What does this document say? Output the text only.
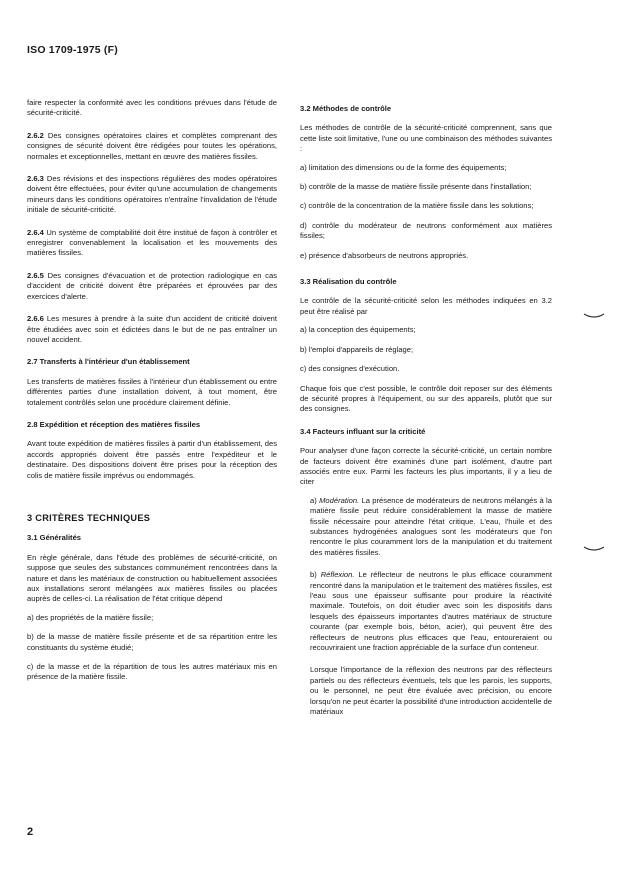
ISO 1709-1975 (F)

faire respecter la conformité avec les conditions prévues dans l'étude de sécurité-criticité.

2.6.2 Des consignes opératoires claires et complètes comprenant des consignes de sécurité doivent être rédigées pour toutes les opérations, normales et exceptionnelles, mettant en œuvre des matières fissiles.

2.6.3 Des révisions et des inspections régulières des modes opératoires doivent être effectuées, pour éviter qu'une accumulation de changements mineurs dans les conditions opératoires n'entraîne l'invalidation de l'étude initiale de sécurité-criticité.

2.6.4 Un système de comptabilité doit être institué de façon à contrôler et enregistrer convenablement la localisation et les mouvements des matières fissiles.

2.6.5 Des consignes d'évacuation et de protection radiologique en cas d'accident de criticité doivent être préparées et éprouvées par des exercices d'alerte.

2.6.6 Les mesures à prendre à la suite d'un accident de criticité doivent être étudiées avec soin et édictées dans le but de ne pas entraîner un nouvel accident.

2.7 Transferts à l'intérieur d'un établissement

Les transferts de matières fissiles à l'intérieur d'un établissement ou entre différentes parties d'une installation doivent, à tout moment, être totalement contrôlés selon une procédure clairement définie.

2.8 Expédition et réception des matières fissiles

Avant toute expédition de matières fissiles à partir d'un établissement, des accords appropriés doivent être passés entre l'expéditeur et le destinataire. Des dispositions doivent être prises pour la réception des colis de matière fissile imprévus ou endommagés.

3 CRITÈRES TECHNIQUES
3.1 Généralités

En règle générale, dans l'étude des problèmes de sécurité-criticité, on suppose que seules des substances communément rencontrées dans la nature et dans les matériaux de construction ou habituellement associées aux installations seront mélangées aux matières fissiles ou placées auprès de celles-ci. La réalisation de l'état critique dépend

a) des propriétés de la matière fissile;

b) de la masse de matière fissile présente et de sa répartition entre les constituants du système étudié;

c) de la masse et de la répartition de tous les autres matériaux mis en présence de la matière fissile.

3.2 Méthodes de contrôle

Les méthodes de contrôle de la sécurité-criticité comprennent, sans que cette liste soit limitative, l'une ou une combinaison des méthodes suivantes :

a) limitation des dimensions ou de la forme des équipements;

b) contrôle de la masse de matière fissile présente dans l'installation;

c) contrôle de la concentration de la matière fissile dans les solutions;

d) contrôle du modérateur de neutrons conformément aux matières fissiles;

e) présence d'absorbeurs de neutrons appropriés.

3.3 Réalisation du contrôle

Le contrôle de la sécurité-criticité selon les méthodes indiquées en 3.2 peut être réalisé par

a) la conception des équipements;

b) l'emploi d'appareils de réglage;

c) des consignes d'exécution.

Chaque fois que c'est possible, le contrôle doit reposer sur des éléments de sécurité propres à l'équipement, ou sur des appareils, plutôt que sur des consignes.

3.4 Facteurs influant sur la criticité

Pour analyser d'une façon correcte la sécurité-criticité, un certain nombre de facteurs doivent être examinés d'une part isolément, d'autre part associés entre eux. Parmi les facteurs les plus importants, il y a lieu de citer

a) Modération. La présence de modérateurs de neutrons mélangés à la matière fissile peut réduire considérablement la masse de matière fissile nécessaire pour atteindre l'état critique. L'eau, l'huile et des substances hydrogénées analogues sont les modérateurs que l'on rencontre le plus couramment lors de la manipulation et du traitement des matières fissiles.

b) Réflexion. Le réflecteur de neutrons le plus efficace couramment rencontré dans la manipulation et le traitement des matières fissiles, est l'eau sous une épaisseur suffisante pour produire la réactivité maximale. Toutefois, on doit étudier avec soin les dispositifs dans lesquels des épaisseurs importantes d'autres matériaux de structure courante (par exemple bois, béton, acier), qui peuvent être des réflecteurs de neutrons plus efficaces que l'eau, entoureraient ou recouvriraient une fraction appréciable de la surface d'un conteneur.

Lorsque l'importance de la réflexion des neutrons par des réflecteurs partiels ou des réflecteurs éventuels, tels que les parois, les supports, ou le personnel, ne peut être évaluée avec précision, ou encore lorsqu'on ne peut écarter la possibilité d'une introduction accidentelle de matériaux

2
